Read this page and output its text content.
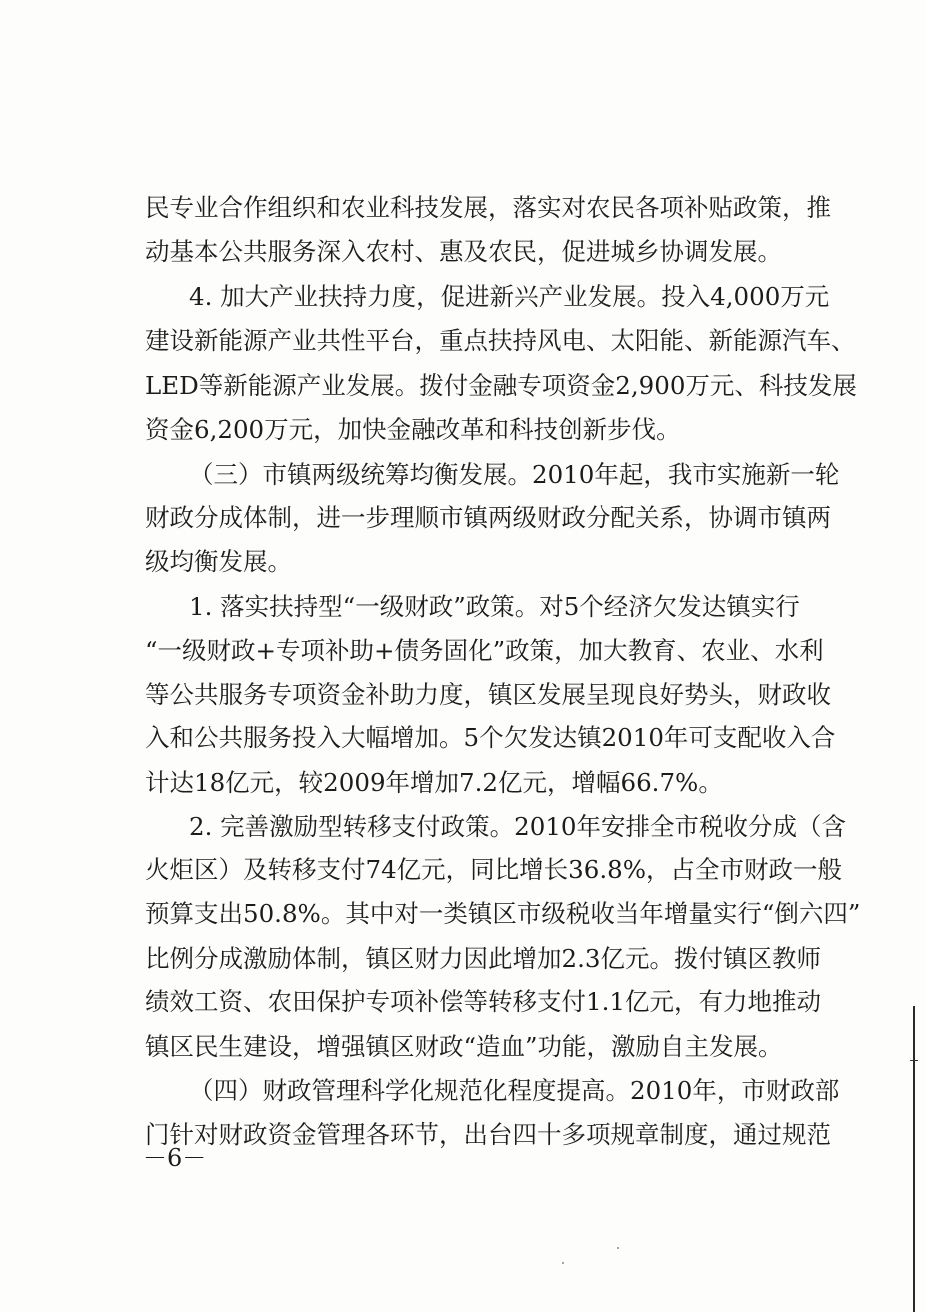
民专业合作组织和农业科技发展，落实对农民各项补贴政策，推
动基本公共服务深入农村、惠及农民，促进城乡协调发展。
4. 加大产业扶持力度，促进新兴产业发展。投入4,000万元
建设新能源产业共性平台，重点扶持风电、太阳能、新能源汽车、
LED等新能源产业发展。拨付金融专项资金2,900万元、科技发展
资金6,200万元，加快金融改革和科技创新步伐。
（三）市镇两级统筹均衡发展。2010年起，我市实施新一轮
财政分成体制，进一步理顺市镇两级财政分配关系，协调市镇两
级均衡发展。
1. 落实扶持型“一级财政”政策。对5个经济欠发达镇实行
“一级财政+专项补助+债务固化”政策，加大教育、农业、水利
等公共服务专项资金补助力度，镇区发展呈现良好势头，财政收
入和公共服务投入大幅增加。5个欠发达镇2010年可支配收入合
计达18亿元，较2009年增加7.2亿元，增幅66.7%。
2. 完善激励型转移支付政策。2010年安排全市税收分成（含
火炬区）及转移支付74亿元，同比增长36.8%，占全市财政一般
预算支出50.8%。其中对一类镇区市级税收当年增量实行“倒六四”
比例分成激励体制，镇区财力因此增加2.3亿元。拨付镇区教师
绩效工资、农田保护专项补偿等转移支付1.1亿元，有力地推动
镇区民生建设，增强镇区财政“造血”功能，激励自主发展。
（四）财政管理科学化规范化程度提高。2010年，市财政部
门针对财政资金管理各环节，出台四十多项规章制度，通过规范
－6－
